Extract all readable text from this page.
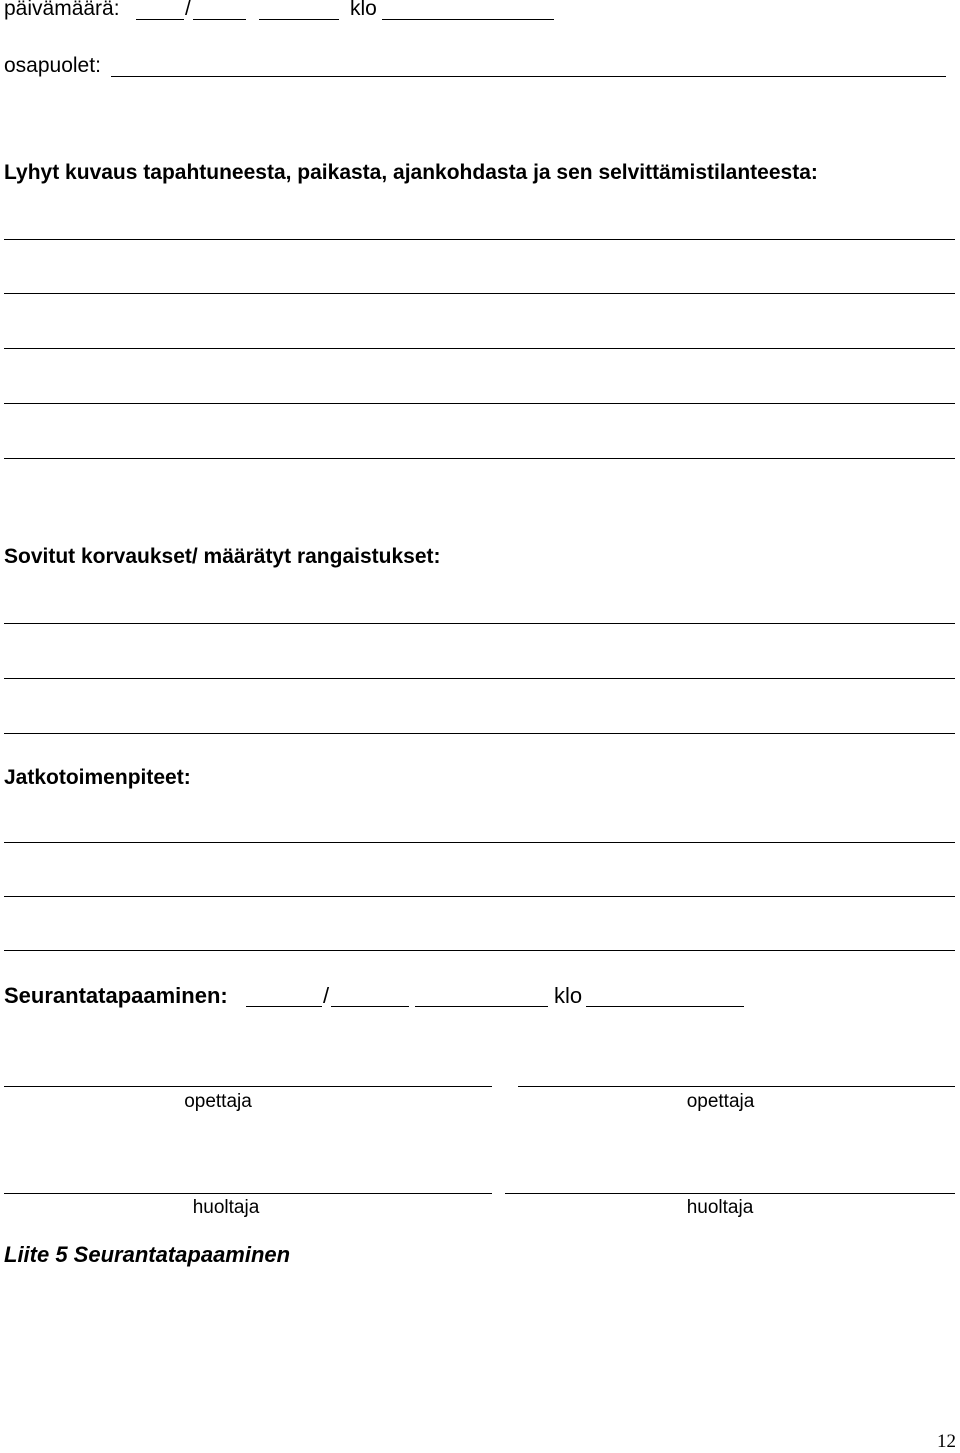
päivämäärä:	/	klo
osapuolet:
Lyhyt kuvaus tapahtuneesta, paikasta, ajankohdasta ja sen selvittämistilanteesta:
Sovitut korvaukset/ määrätyt rangaistukset:
Jatkotoimenpiteet:
Seurantatapaaminen:	/	klo
opettaja	opettaja
huoltaja	huoltaja
Liite 5 Seurantatapaaminen
12
